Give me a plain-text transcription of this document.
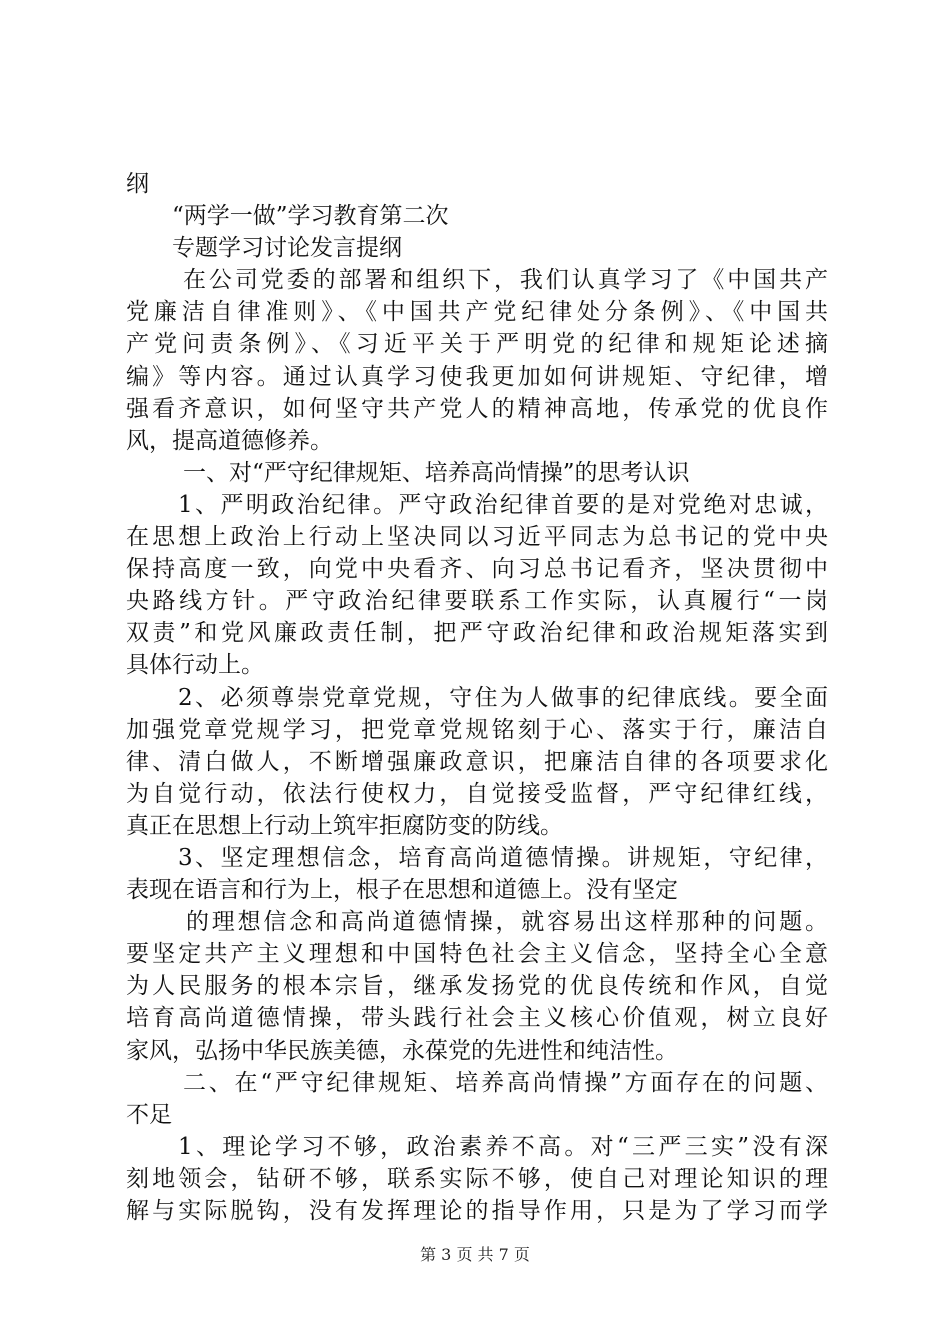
纲
“两学一做”学习教育第二次
专题学习讨论发言提纲
在公司党委的部署和组织下，我们认真学习了《中国共产
党廉洁自律准则》、《中国共产党纪律处分条例》、《中国共
产党问责条例》、《习近平关于严明党的纪律和规矩论述摘
编》等内容。通过认真学习使我更加如何讲规矩、守纪律，增
强看齐意识，如何坚守共产党人的精神高地，传承党的优良作
风，提高道德修养。
一、对“严守纪律规矩、培养高尚情操”的思考认识
1、严明政治纪律。严守政治纪律首要的是对党绝对忠诚，
在思想上政治上行动上坚决同以习近平同志为总书记的党中央
保持高度一致，向党中央看齐、向习总书记看齐，坚决贯彻中
央路线方针。严守政治纪律要联系工作实际，认真履行“一岗
双责”和党风廉政责任制，把严守政治纪律和政治规矩落实到
具体行动上。
2、必须尊崇党章党规，守住为人做事的纪律底线。要全面
加强党章党规学习，把党章党规铭刻于心、落实于行，廉洁自
律、清白做人，不断增强廉政意识，把廉洁自律的各项要求化
为自觉行动，依法行使权力，自觉接受监督，严守纪律红线，
真正在思想上行动上筑牢拒腐防变的防线。
3、坚定理想信念，培育高尚道德情操。讲规矩，守纪律，
表现在语言和行为上，根子在思想和道德上。没有坚定
的理想信念和高尚道德情操，就容易出这样那种的问题。
要坚定共产主义理想和中国特色社会主义信念，坚持全心全意
为人民服务的根本宗旨，继承发扬党的优良传统和作风，自觉
培育高尚道德情操，带头践行社会主义核心价值观，树立良好
家风，弘扬中华民族美德，永葆党的先进性和纯洁性。
二、在“严守纪律规矩、培养高尚情操”方面存在的问题、
不足
1、理论学习不够，政治素养不高。对“三严三实”没有深
刻地领会，钻研不够，联系实际不够，使自己对理论知识的理
解与实际脱钩，没有发挥理论的指导作用，只是为了学习而学
第 3 页 共 7 页
